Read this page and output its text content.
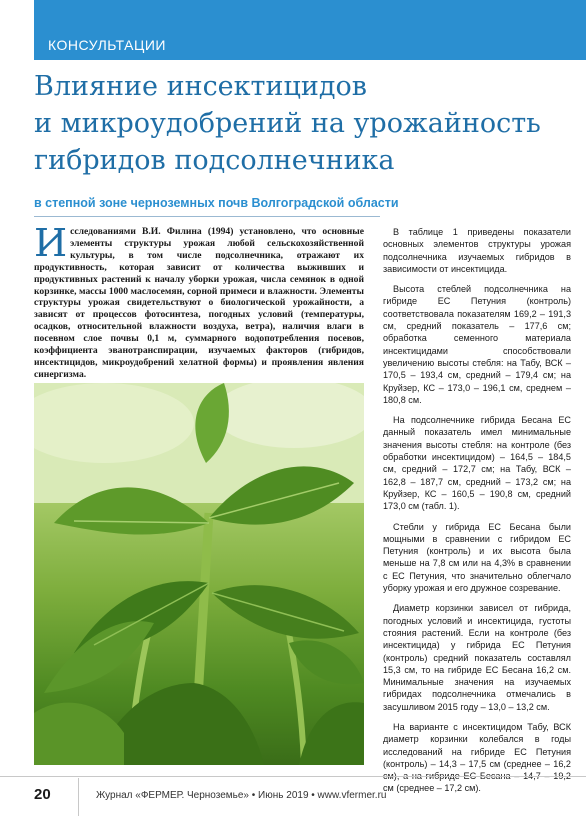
КОНСУЛЬТАЦИИ
Влияние инсектицидов
и микроудобрений на урожайность
гибридов подсолнечника
в степной зоне черноземных почв Волгоградской области
Исследованиями В.И. Филина (1994) установлено, что основные элементы структуры урожая любой сельскохозяйственной культуры, в том числе подсолнечника, отражают их продуктивность, которая зависит от количества выживших и продуктивных растений к началу уборки урожая, числа семянок в одной корзинке, массы 1000 маслосемян, сорной примеси и влажности. Элементы структуры урожая свидетельствуют о биологической урожайности, а зависят от процессов фотосинтеза, погодных условий (температуры, осадков, относительной влажности воздуха, ветра), наличия влаги в посевном слое почвы 0,1 м, суммарного водопотребления посевов, коэффициента эванотранспирации, изучаемых факторов (гибридов, инсектицидов, микроудобрений хелатной формы) и проявления явления синергизма.

В таблице 1 приведены показатели основных элементов структуры урожая подсолнечника изучаемых гибридов в зависимости от инсектицида.

Высота стеблей подсолнечника на гибриде ЕС Петуния (контроль) соответствовала показателям 169,2 – 191,3 см, средний показатель – 177,6 см; обработка семенного материала инсектицидами способствовали увеличению высоты стебля: на Табу, ВСК – 170,5 – 193,4 см, средний – 179,4 см; на Круйзер, КС – 173,0 – 196,1 см, среднем – 180,8 см.

На подсолнечнике гибрида Бесана ЕС данный показатель имел минимальные значения высоты стебля: на контроле (без обработки инсектицидом) – 164,5 – 184,5 см, средний – 172,7 см; на Табу, ВСК – 162,8 – 187,7 см, средний – 173,2 см; на Круйзер, КС – 160,5 – 190,8 см, средний 173,0 см (табл. 1).

Стебли у гибрида ЕС Бесана были мощными в сравнении с гибридом ЕС Петуния (контроль) и их высота была меньше на 7,8 см или на 4,3% в сравнении с ЕС Петуния, что значительно облегчало уборку урожая и его дружное созревание.

Диаметр корзинки зависел от гибрида, погодных условий и инсектицида, густоты стояния растений. Если на контроле (без инсектицида) у гибрида ЕС Петуния (контроль) средний показатель составлял 15,3 см, то на гибриде ЕС Бесана 16,2 см. Минимальные значения на изучаемых гибридах подсолнечника отмечались в засушливом 2015 году – 13,0 – 13,2 см.

На варианте с инсектицидом Табу, ВСК диаметр корзинки колебался в годы исследований на гибриде ЕС Петуния (контроль) – 14,3 – 17,5 см (среднее – 16,2 см), а на гибриде ЕС Бесана – 14,7 – 19,2 см (среднее – 17,2 см).

20	Журнал «ФЕРМЕР. Черноземье» • Июнь 2019 • www.vfermer.ru
